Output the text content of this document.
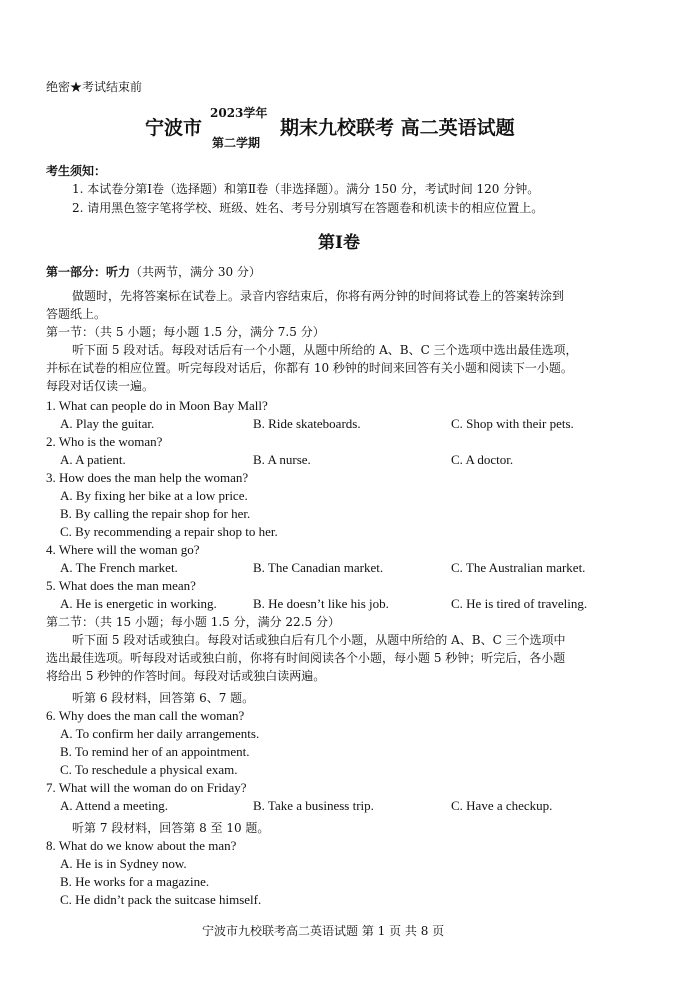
绝密★考试结束前
宁波市
2023学年
第二学期
期末九校联考 高二英语试题
考生须知：
1. 本试卷分第Ⅰ卷（选择题）和第Ⅱ卷（非选择题）。满分 150 分，考试时间 120 分钟。
2. 请用黑色签字笔将学校、班级、姓名、考号分别填写在答题卷和机读卡的相应位置上。
第Ⅰ卷
第一部分：听力（共两节，满分 30 分）
做题时，先将答案标在试卷上。录音内容结束后，你将有两分钟的时间将试卷上的答案转涂到
答题纸上。
第一节：（共 5 小题；每小题 1.5 分，满分 7.5 分）
听下面 5 段对话。每段对话后有一个小题，从题中所给的 A、B、C 三个选项中选出最佳选项，
并标在试卷的相应位置。听完每段对话后，你都有 10 秒钟的时间来回答有关小题和阅读下一小题。
每段对话仅读一遍。
1. What can people do in Moon Bay Mall?
A. Play the guitar.	B. Ride skateboards.	C. Shop with their pets.
2. Who is the woman?
A. A patient.	B. A nurse.	C. A doctor.
3. How does the man help the woman?
A. By fixing her bike at a low price.
B. By calling the repair shop for her.
C. By recommending a repair shop to her.
4. Where will the woman go?
A. The French market.	B. The Canadian market.	C. The Australian market.
5. What does the man mean?
A. He is energetic in working.	B. He doesn’t like his job.	C. He is tired of traveling.
第二节：（共 15 小题；每小题 1.5 分，满分 22.5 分）
听下面 5 段对话或独白。每段对话或独白后有几个小题，从题中所给的 A、B、C 三个选项中
选出最佳选项。听每段对话或独白前，你将有时间阅读各个小题，每小题 5 秒钟；听完后，各小题
将给出 5 秒钟的作答时间。每段对话或独白读两遍。
听第 6 段材料，回答第 6、7 题。
6. Why does the man call the woman?
A. To confirm her daily arrangements.
B. To remind her of an appointment.
C. To reschedule a physical exam.
7. What will the woman do on Friday?
A. Attend a meeting.	B. Take a business trip.	C. Have a checkup.
听第 7 段材料，回答第 8 至 10 题。
8. What do we know about the man?
A. He is in Sydney now.
B. He works for a magazine.
C. He didn’t pack the suitcase himself.
宁波市九校联考高二英语试题 第 1 页 共 8 页
